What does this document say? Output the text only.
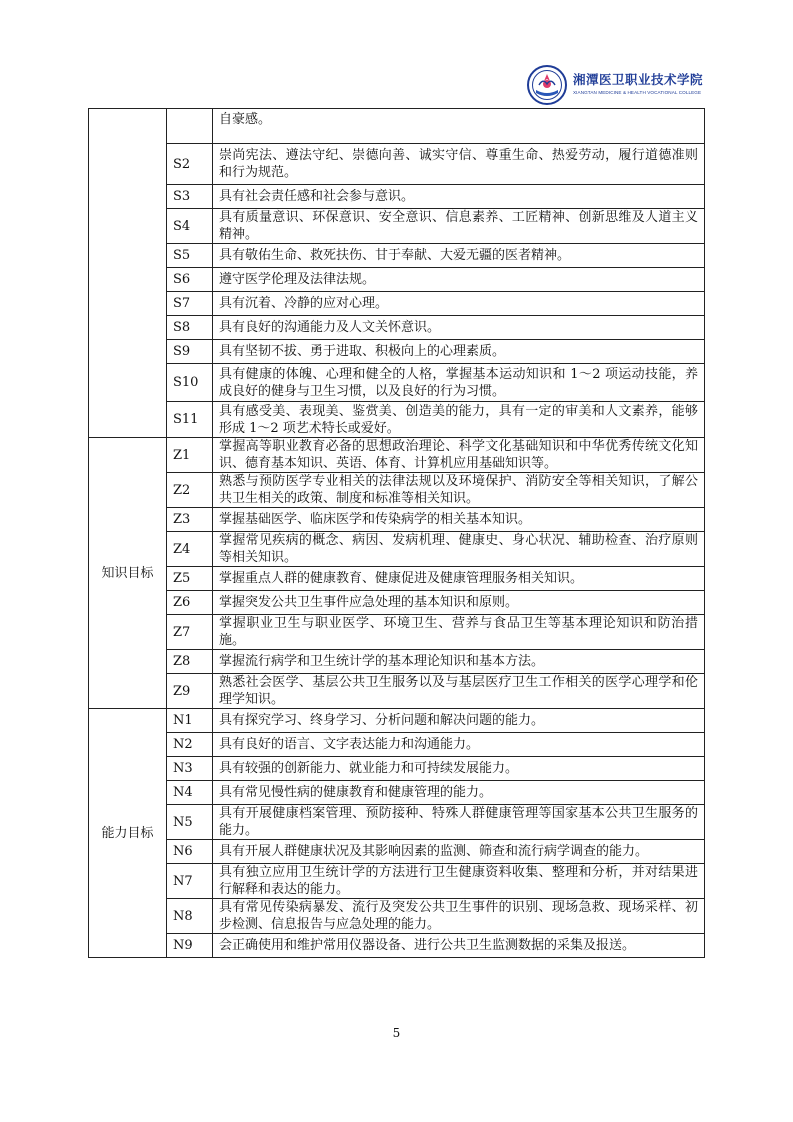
湘潭医卫职业技术学院
XIANGTAN MEDICINE & HEALTH VOCATIONAL COLLEGE
		自豪感。
	S2	崇尚宪法、遵法守纪、崇德向善、诚实守信、尊重生命、热爱劳动，履行道德准则和行为规范。
	S3	具有社会责任感和社会参与意识。
	S4	具有质量意识、环保意识、安全意识、信息素养、工匠精神、创新思维及人道主义精神。
	S5	具有敬佑生命、救死扶伤、甘于奉献、大爱无疆的医者精神。
	S6	遵守医学伦理及法律法规。
	S7	具有沉着、冷静的应对心理。
	S8	具有良好的沟通能力及人文关怀意识。
	S9	具有坚韧不拔、勇于进取、积极向上的心理素质。
	S10	具有健康的体魄、心理和健全的人格，掌握基本运动知识和 1～2 项运动技能，养成良好的健身与卫生习惯，以及良好的行为习惯。
	S11	具有感受美、表现美、鉴赏美、创造美的能力，具有一定的审美和人文素养，能够形成 1～2 项艺术特长或爱好。
知识目标	Z1	掌握高等职业教育必备的思想政治理论、科学文化基础知识和中华优秀传统文化知识、德育基本知识、英语、体育、计算机应用基础知识等。
	Z2	熟悉与预防医学专业相关的法律法规以及环境保护、消防安全等相关知识，了解公共卫生相关的政策、制度和标准等相关知识。
	Z3	掌握基础医学、临床医学和传染病学的相关基本知识。
	Z4	掌握常见疾病的概念、病因、发病机理、健康史、身心状况、辅助检查、治疗原则等相关知识。
	Z5	掌握重点人群的健康教育、健康促进及健康管理服务相关知识。
	Z6	掌握突发公共卫生事件应急处理的基本知识和原则。
	Z7	掌握职业卫生与职业医学、环境卫生、营养与食品卫生等基本理论知识和防治措施。
	Z8	掌握流行病学和卫生统计学的基本理论知识和基本方法。
	Z9	熟悉社会医学、基层公共卫生服务以及与基层医疗卫生工作相关的医学心理学和伦理学知识。
能力目标	N1	具有探究学习、终身学习、分析问题和解决问题的能力。
	N2	具有良好的语言、文字表达能力和沟通能力。
	N3	具有较强的创新能力、就业能力和可持续发展能力。
	N4	具有常见慢性病的健康教育和健康管理的能力。
	N5	具有开展健康档案管理、预防接种、特殊人群健康管理等国家基本公共卫生服务的能力。
	N6	具有开展人群健康状况及其影响因素的监测、筛查和流行病学调查的能力。
	N7	具有独立应用卫生统计学的方法进行卫生健康资料收集、整理和分析，并对结果进行解释和表达的能力。
	N8	具有常见传染病暴发、流行及突发公共卫生事件的识别、现场急救、现场采样、初步检测、信息报告与应急处理的能力。
	N9	会正确使用和维护常用仪器设备、进行公共卫生监测数据的采集及报送。
5
